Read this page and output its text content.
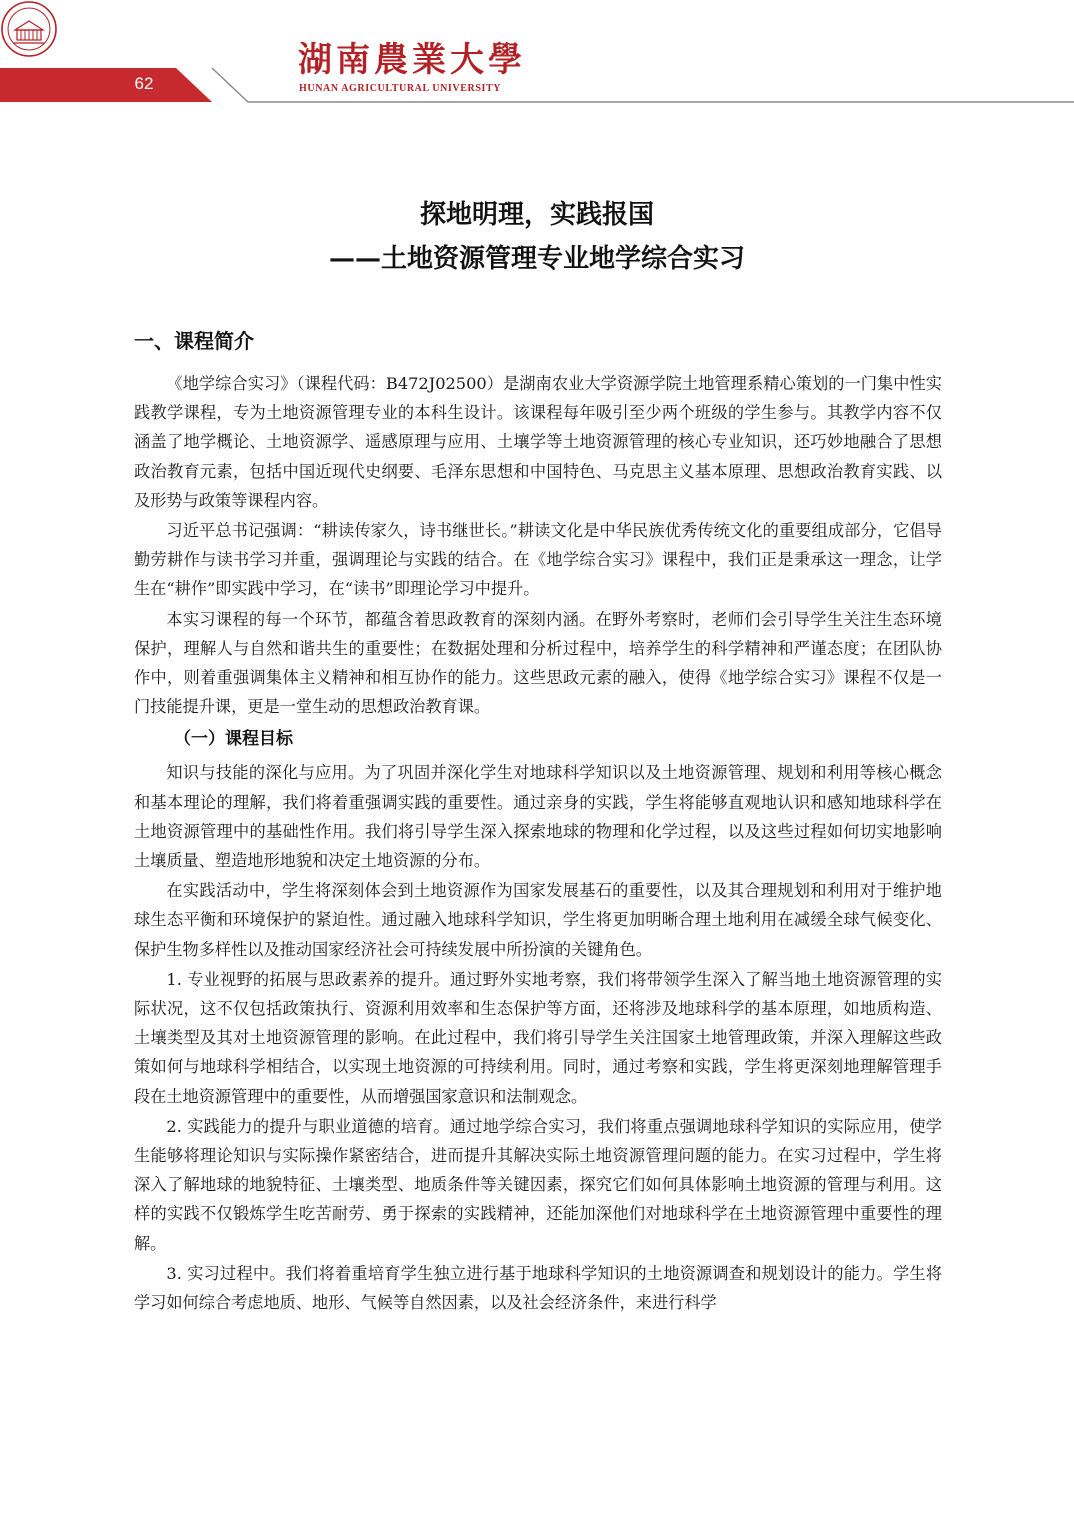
62
湖南農業大學
HUNAN AGRICULTURAL UNIVERSITY
探地明理，实践报国
——土地资源管理专业地学综合实习
一、课程简介

《地学综合实习》（课程代码：B472J02500）是湖南农业大学资源学院土地管理系精心策划的一门集中性实践教学课程，专为土地资源管理专业的本科生设计。该课程每年吸引至少两个班级的学生参与。其教学内容不仅涵盖了地学概论、土地资源学、遥感原理与应用、土壤学等土地资源管理的核心专业知识，还巧妙地融合了思想政治教育元素，包括中国近现代史纲要、毛泽东思想和中国特色、马克思主义基本原理、思想政治教育实践、以及形势与政策等课程内容。

习近平总书记强调：“耕读传家久，诗书继世长。”耕读文化是中华民族优秀传统文化的重要组成部分，它倡导勤劳耕作与读书学习并重，强调理论与实践的结合。在《地学综合实习》课程中，我们正是秉承这一理念，让学生在“耕作”即实践中学习，在“读书”即理论学习中提升。

本实习课程的每一个环节，都蕴含着思政教育的深刻内涵。在野外考察时，老师们会引导学生关注生态环境保护，理解人与自然和谐共生的重要性；在数据处理和分析过程中，培养学生的科学精神和严谨态度；在团队协作中，则着重强调集体主义精神和相互协作的能力。这些思政元素的融入，使得《地学综合实习》课程不仅是一门技能提升课，更是一堂生动的思想政治教育课。

（一）课程目标

知识与技能的深化与应用。为了巩固并深化学生对地球科学知识以及土地资源管理、规划和利用等核心概念和基本理论的理解，我们将着重强调实践的重要性。通过亲身的实践，学生将能够直观地认识和感知地球科学在土地资源管理中的基础性作用。我们将引导学生深入探索地球的物理和化学过程，以及这些过程如何切实地影响土壤质量、塑造地形地貌和决定土地资源的分布。

在实践活动中，学生将深刻体会到土地资源作为国家发展基石的重要性，以及其合理规划和利用对于维护地球生态平衡和环境保护的紧迫性。通过融入地球科学知识，学生将更加明晰合理土地利用在减缓全球气候变化、保护生物多样性以及推动国家经济社会可持续发展中所扮演的关键角色。

1. 专业视野的拓展与思政素养的提升。通过野外实地考察，我们将带领学生深入了解当地土地资源管理的实际状况，这不仅包括政策执行、资源利用效率和生态保护等方面，还将涉及地球科学的基本原理，如地质构造、土壤类型及其对土地资源管理的影响。在此过程中，我们将引导学生关注国家土地管理政策，并深入理解这些政策如何与地球科学相结合，以实现土地资源的可持续利用。同时，通过考察和实践，学生将更深刻地理解管理手段在土地资源管理中的重要性，从而增强国家意识和法制观念。

2. 实践能力的提升与职业道德的培育。通过地学综合实习，我们将重点强调地球科学知识的实际应用，使学生能够将理论知识与实际操作紧密结合，进而提升其解决实际土地资源管理问题的能力。在实习过程中，学生将深入了解地球的地貌特征、土壤类型、地质条件等关键因素，探究它们如何具体影响土地资源的管理与利用。这样的实践不仅锻炼学生吃苦耐劳、勇于探索的实践精神，还能加深他们对地球科学在土地资源管理中重要性的理解。

3. 实习过程中。我们将着重培育学生独立进行基于地球科学知识的土地资源调查和规划设计的能力。学生将学习如何综合考虑地质、地形、气候等自然因素，以及社会经济条件，来进行科学
